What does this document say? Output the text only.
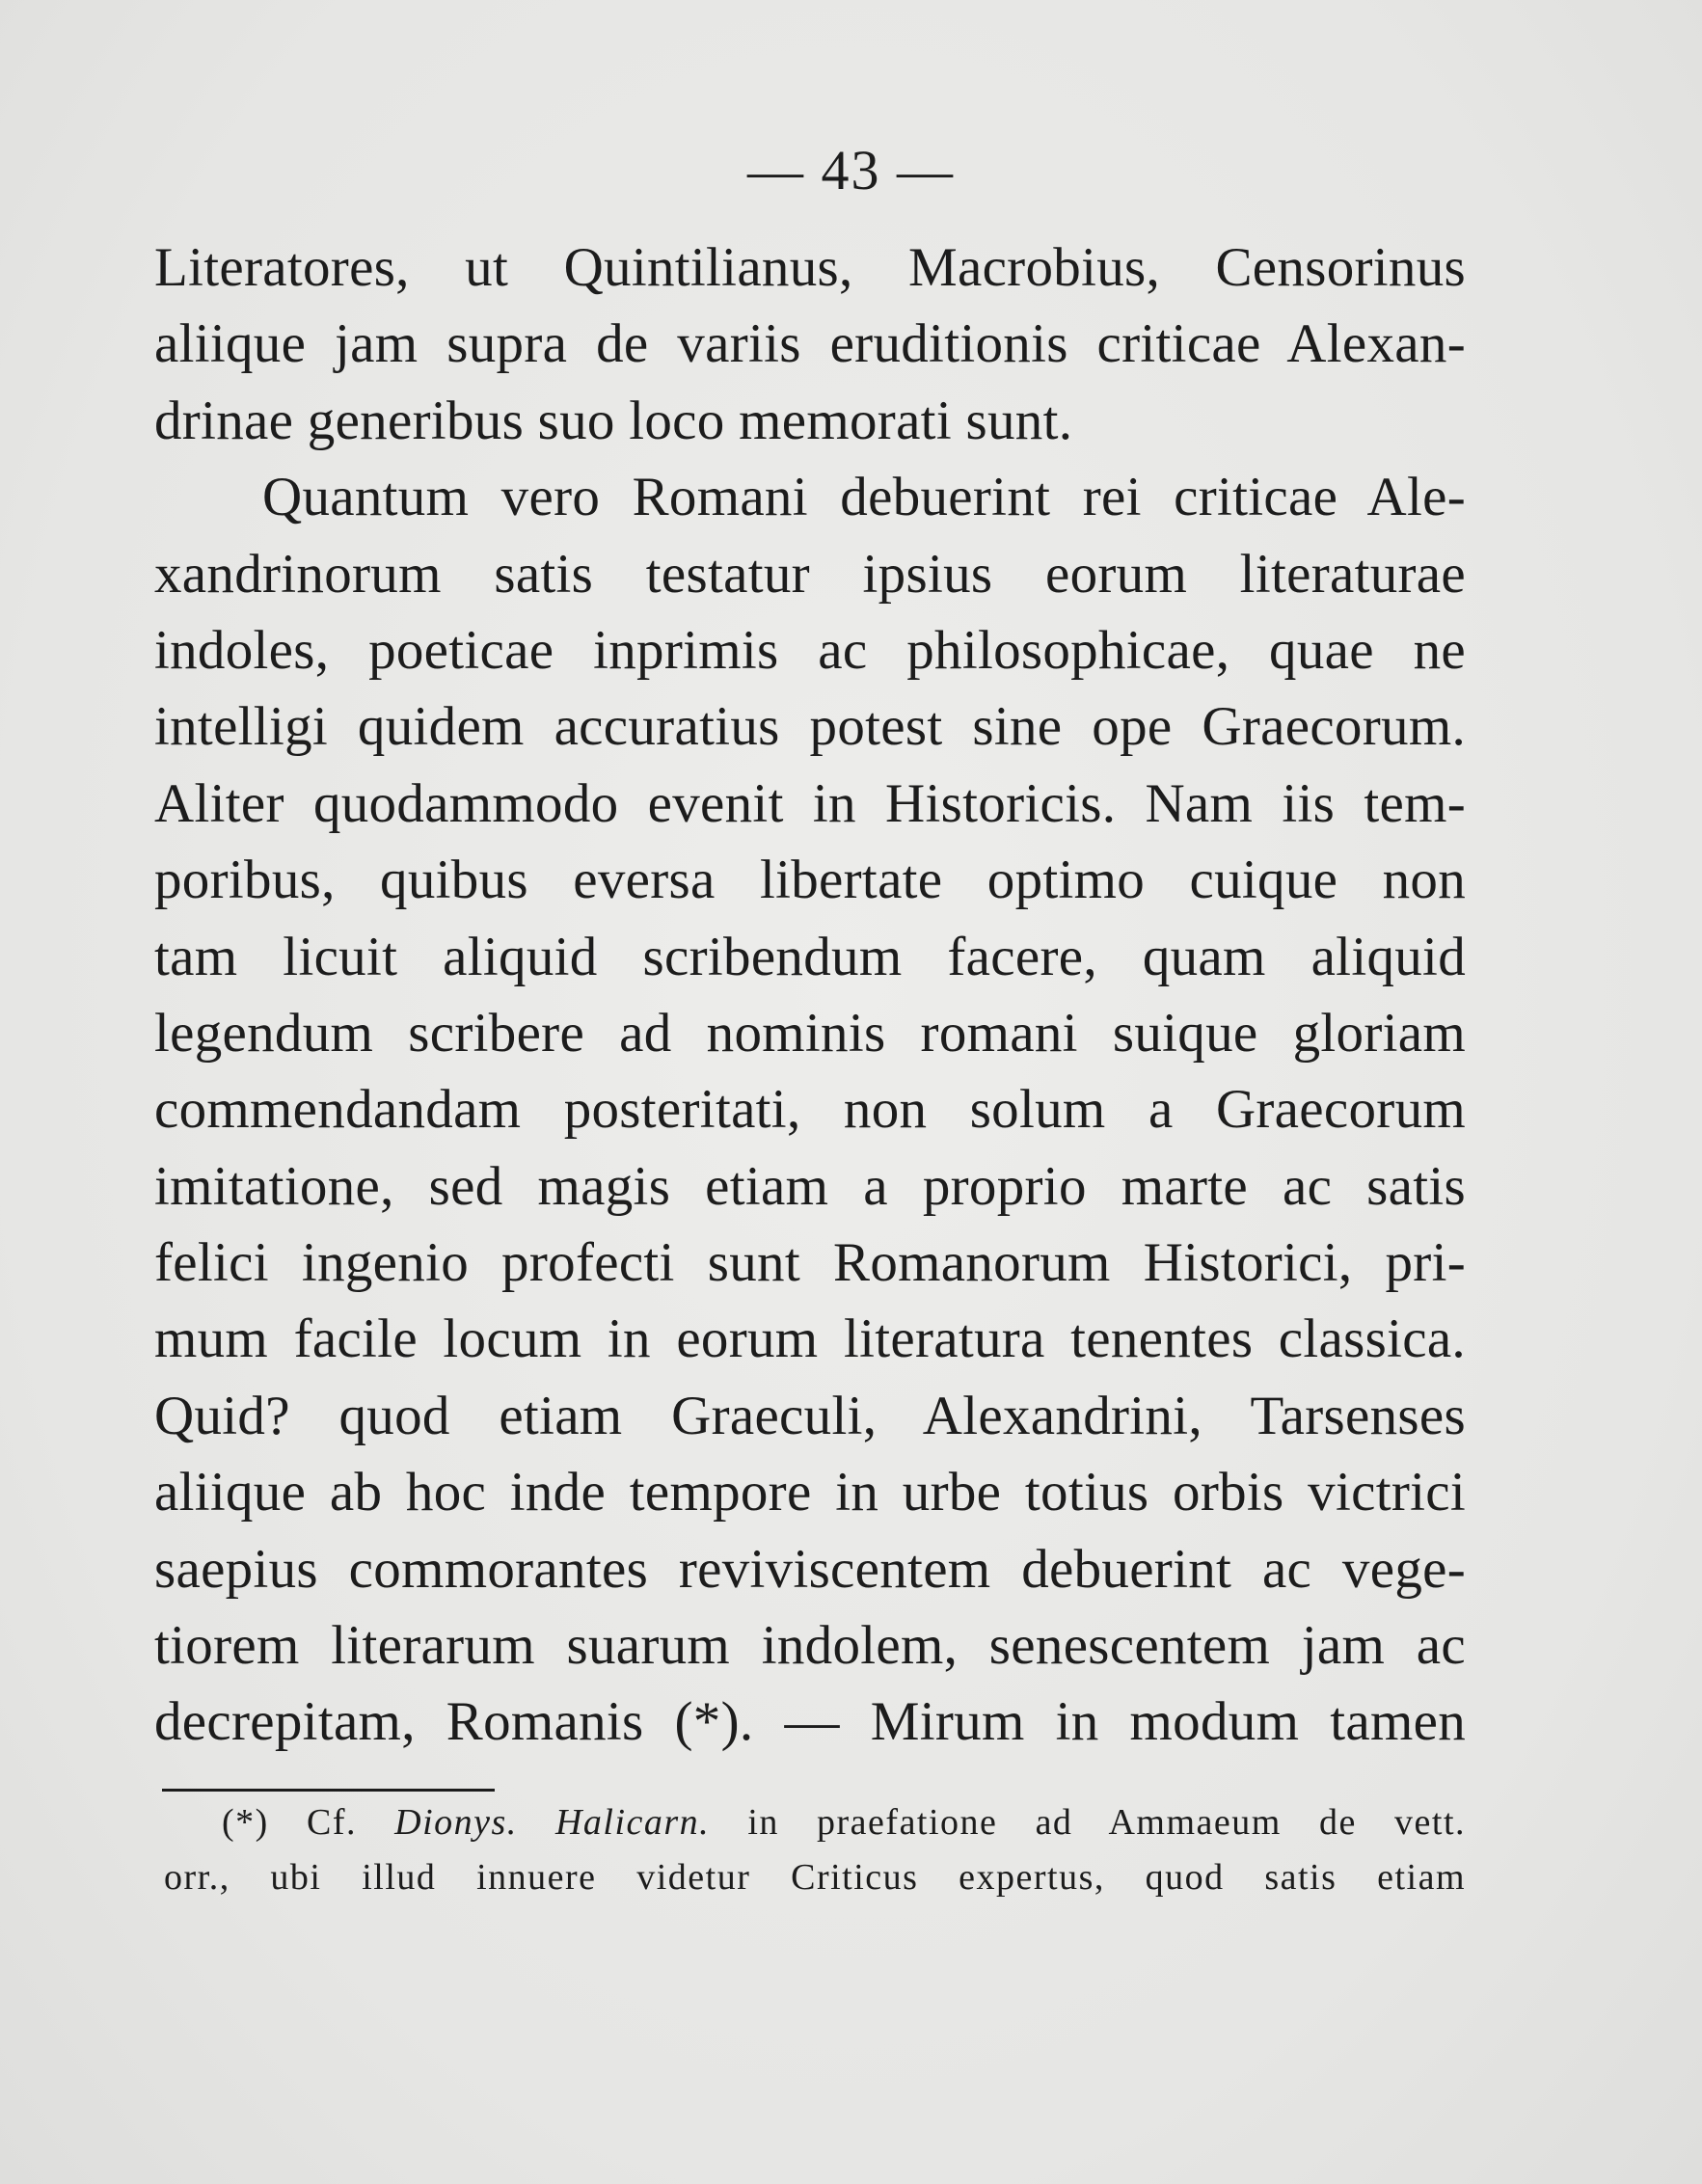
— 43 —
Literatores, ut Quintilianus, Macrobius, Censorinus
aliique jam supra de variis eruditionis criticae Alexan-
drinae generibus suo loco memorati sunt.
Quantum vero Romani debuerint rei criticae Ale-
xandrinorum satis testatur ipsius eorum literaturae
indoles, poeticae inprimis ac philosophicae, quae ne
intelligi quidem accuratius potest sine ope Graecorum.
Aliter quodammodo evenit in Historicis. Nam iis tem-
poribus, quibus eversa libertate optimo cuique non
tam licuit aliquid scribendum facere, quam aliquid
legendum scribere ad nominis romani suique gloriam
commendandam posteritati, non solum a Graecorum
imitatione, sed magis etiam a proprio marte ac satis
felici ingenio profecti sunt Romanorum Historici, pri-
mum facile locum in eorum literatura tenentes classica.
Quid? quod etiam Graeculi, Alexandrini, Tarsenses
aliique ab hoc inde tempore in urbe totius orbis victrici
saepius commorantes reviviscentem debuerint ac vege-
tiorem literarum suarum indolem, senescentem jam ac
decrepitam, Romanis (*). — Mirum in modum tamen
(*) Cf. Dionys. Halicarn. in praefatione ad Ammaeum de vett.
orr., ubi illud innuere videtur Criticus expertus, quod satis etiam
